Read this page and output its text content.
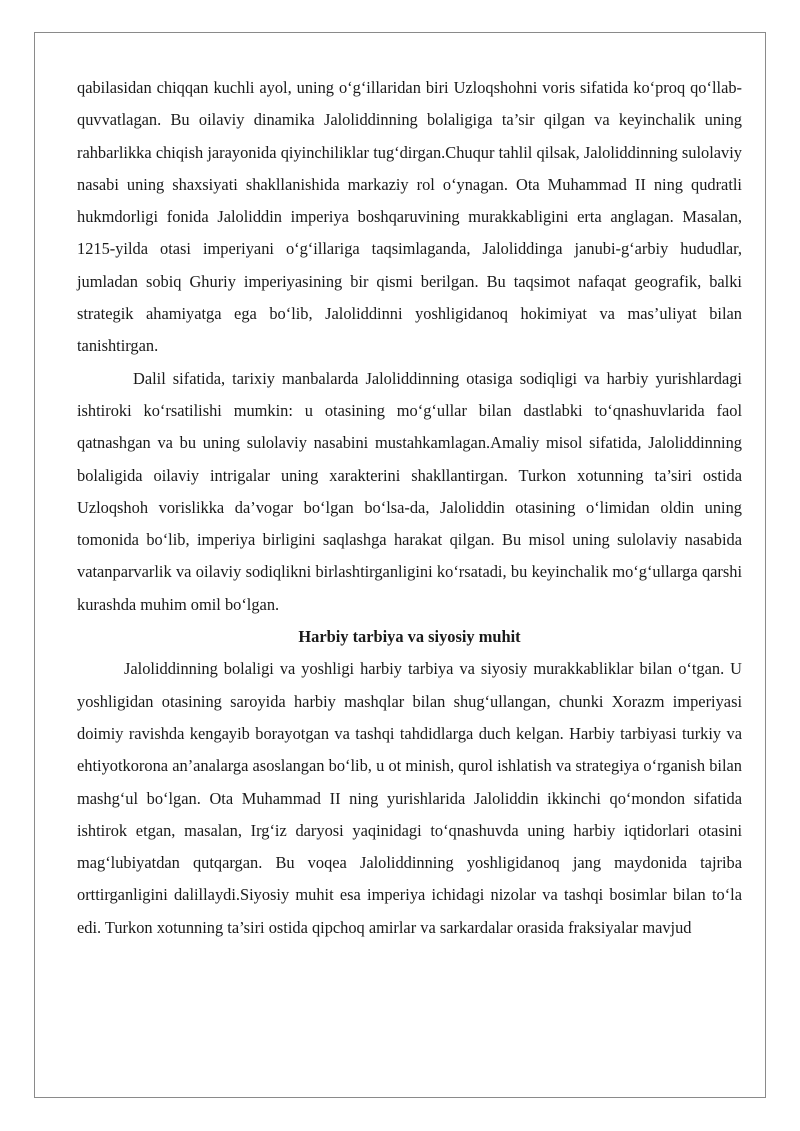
qabilasidan chiqqan kuchli ayol, uning o‘g‘illaridan biri Uzloqshohni voris sifatida ko‘proq qo‘llab-quvvatlagan. Bu oilaviy dinamika Jaloliddinning bolaligiga ta’sir qilgan va keyinchalik uning rahbarlikka chiqish jarayonida qiyinchiliklar tug‘dirgan.Chuqur tahlil qilsak, Jaloliddinning sulolaviy nasabi uning shaxsiyati shakllanishida markaziy rol o‘ynagan. Ota Muhammad II ning qudratli hukmdorligi fonida Jaloliddin imperiya boshqaruvining murakkabligini erta anglagan. Masalan, 1215-yilda otasi imperiyani o‘g‘illariga taqsimlaganda, Jaloliddinga janubi-g‘arbiy hududlar, jumladan sobiq Ghuriy imperiyasining bir qismi berilgan. Bu taqsimot nafaqat geografik, balki strategik ahamiyatga ega bo‘lib, Jaloliddinni yoshligidanoq hokimiyat va mas’uliyat bilan tanishtirgan.

Dalil sifatida, tarixiy manbalarda Jaloliddinning otasiga sodiqligi va harbiy yurishlardagi ishtiroki ko‘rsatilishi mumkin: u otasining mo‘g‘ullar bilan dastlabki to‘qnashuvlarida faol qatnashgan va bu uning sulolaviy nasabini mustahkamlagan.Amaliy misol sifatida, Jaloliddinning bolaligida oilaviy intrigalar uning xarakterini shakllantirgan. Turkon xotunning ta’siri ostida Uzloqshoh vorislikka da’vogar bo‘lgan bo‘lsa-da, Jaloliddin otasining o‘limidan oldin uning tomonida bo‘lib, imperiya birligini saqlashga harakat qilgan. Bu misol uning sulolaviy nasabida vatanparvarlik va oilaviy sodiqlikni birlashtirganligini ko‘rsatadi, bu keyinchalik mo‘g‘ullarga qarshi kurashda muhim omil bo‘lgan.

Harbiy tarbiya va siyosiy muhit

Jaloliddinning bolaligi va yoshligi harbiy tarbiya va siyosiy murakkabliklar bilan o‘tgan. U yoshligidan otasining saroyida harbiy mashqlar bilan shug‘ullangan, chunki Xorazm imperiyasi doimiy ravishda kengayib borayotgan va tashqi tahdidlarga duch kelgan. Harbiy tarbiyasi turkiy va ehtiyotkorona an’analarga asoslangan bo‘lib, u ot minish, qurol ishlatish va strategiya o‘rganish bilan mashg‘ul bo‘lgan. Ota Muhammad II ning yurishlarida Jaloliddin ikkinchi qo‘mondon sifatida ishtirok etgan, masalan, Irg‘iz daryosi yaqinidagi to‘qnashuvda uning harbiy iqtidorlari otasini mag‘lubiyatdan qutqargan. Bu voqea Jaloliddinning yoshligidanoq jang maydonida tajriba orttirganligini dalillaydi.Siyosiy muhit esa imperiya ichidagi nizolar va tashqi bosimlar bilan to‘la edi. Turkon xotunning ta’siri ostida qipchoq amirlar va sarkardalar orasida fraksiyalar mavjud
